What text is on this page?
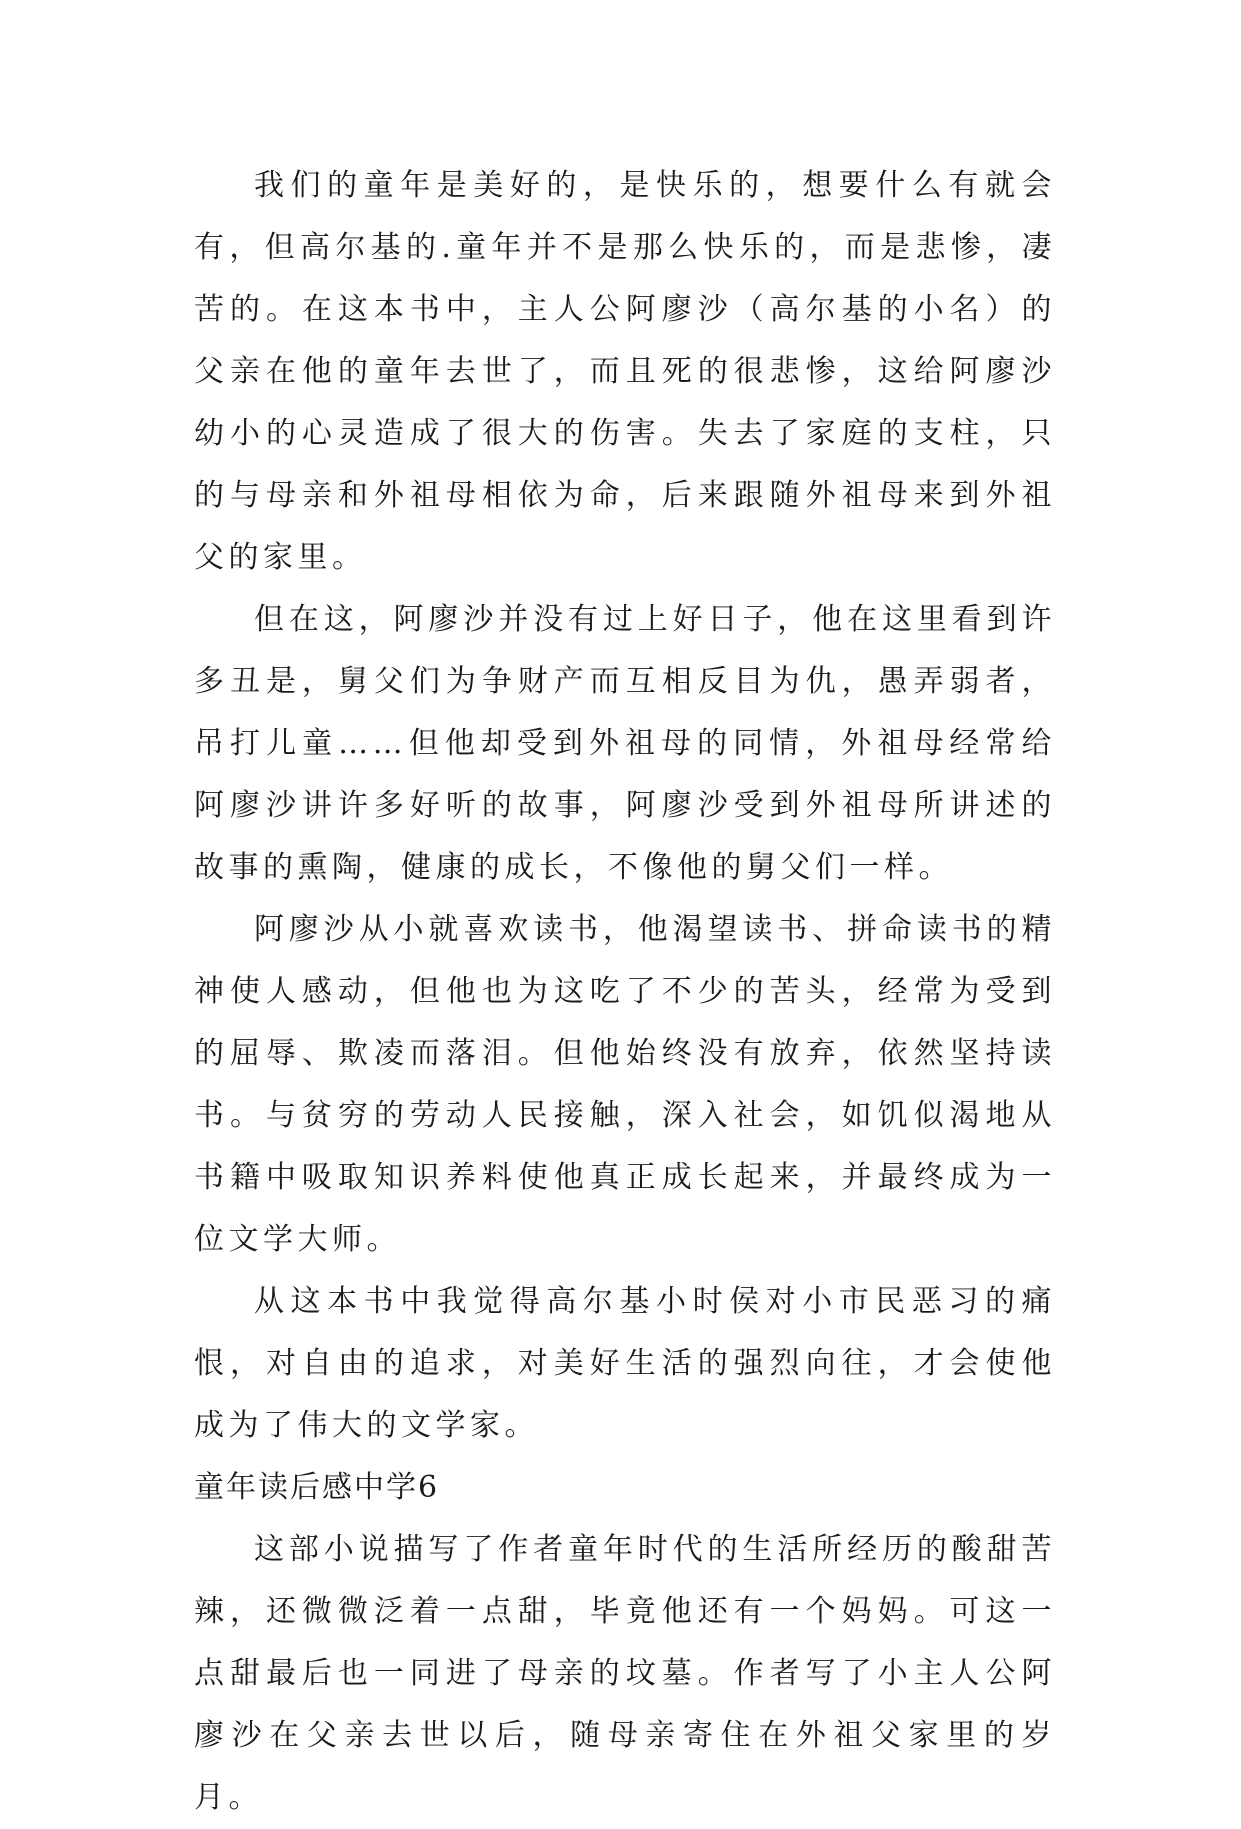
我们的童年是美好的，是快乐的，想要什么有就会有，但高尔基的.童年并不是那么快乐的，而是悲惨，凄苦的。在这本书中，主人公阿廖沙（高尔基的小名）的父亲在他的童年去世了，而且死的很悲惨，这给阿廖沙幼小的心灵造成了很大的伤害。失去了家庭的支柱，只的与母亲和外祖母相依为命，后来跟随外祖母来到外祖父的家里。

但在这，阿廖沙并没有过上好日子，他在这里看到许多丑是，舅父们为争财产而互相反目为仇，愚弄弱者，吊打儿童……但他却受到外祖母的同情，外祖母经常给阿廖沙讲许多好听的故事，阿廖沙受到外祖母所讲述的故事的熏陶，健康的成长，不像他的舅父们一样。

阿廖沙从小就喜欢读书，他渴望读书、拼命读书的精神使人感动，但他也为这吃了不少的苦头，经常为受到的屈辱、欺凌而落泪。但他始终没有放弃，依然坚持读书。与贫穷的劳动人民接触，深入社会，如饥似渴地从书籍中吸取知识养料使他真正成长起来，并最终成为一位文学大师。

从这本书中我觉得高尔基小时侯对小市民恶习的痛恨，对自由的追求，对美好生活的强烈向往，才会使他成为了伟大的文学家。

童年读后感中学6

这部小说描写了作者童年时代的生活所经历的酸甜苦辣，还微微泛着一点甜，毕竟他还有一个妈妈。可这一点甜最后也一同进了母亲的坟墓。作者写了小主人公阿廖沙在父亲去世以后，随母亲寄住在外祖父家里的岁月。
